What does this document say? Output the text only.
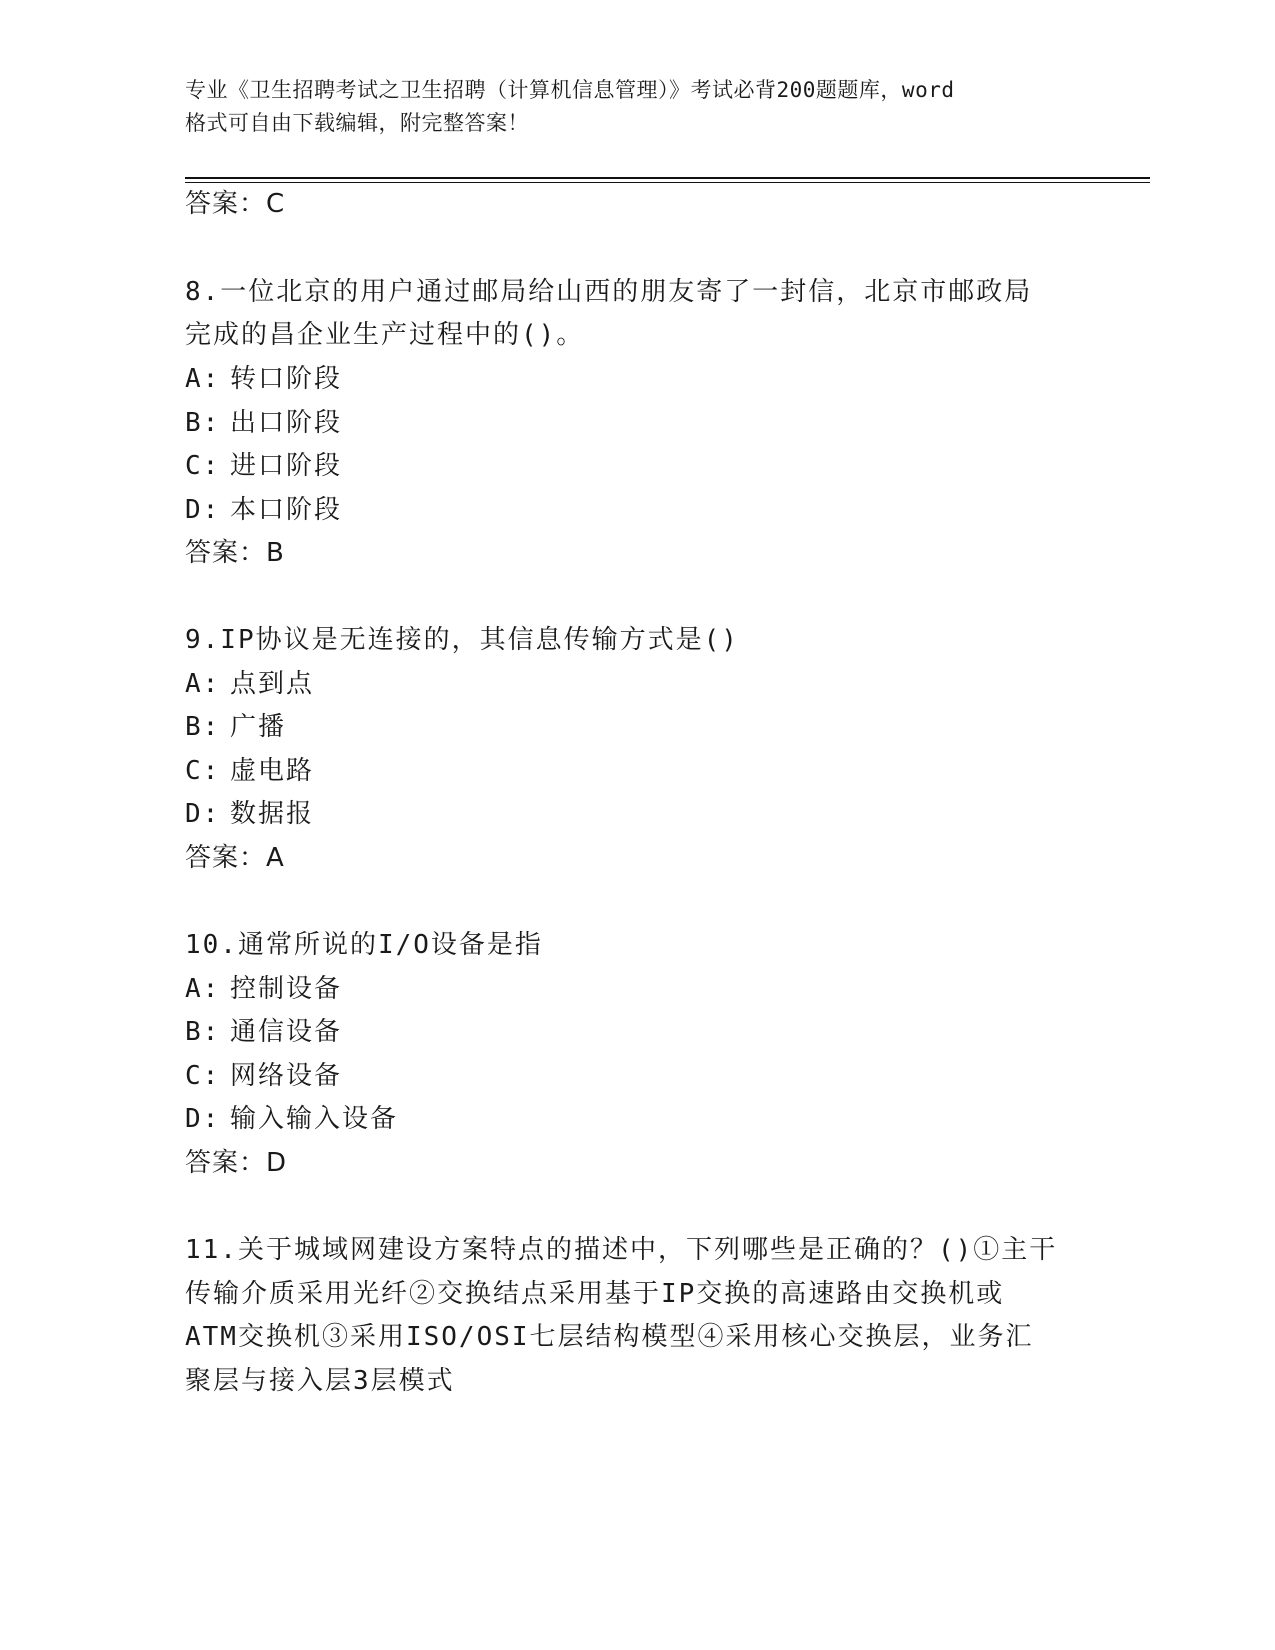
专业《卫生招聘考试之卫生招聘（计算机信息管理）》考试必背200题题库，word
格式可自由下载编辑，附完整答案！
答案：C
8.一位北京的用户通过邮局给山西的朋友寄了一封信，北京市邮政局
完成的昌企业生产过程中的()。
A: 转口阶段
B: 出口阶段
C: 进口阶段
D: 本口阶段
答案：B
9.IP协议是无连接的，其信息传输方式是()
A: 点到点
B: 广播
C: 虚电路
D: 数据报
答案：A
10.通常所说的I/O设备是指
A: 控制设备
B: 通信设备
C: 网络设备
D: 输入输入设备
答案：D
11.关于城域网建设方案特点的描述中，下列哪些是正确的？()①主干
传输介质采用光纤②交换结点采用基于IP交换的高速路由交换机或
ATM交换机③采用ISO/OSI七层结构模型④采用核心交换层，业务汇
聚层与接入层3层模式
